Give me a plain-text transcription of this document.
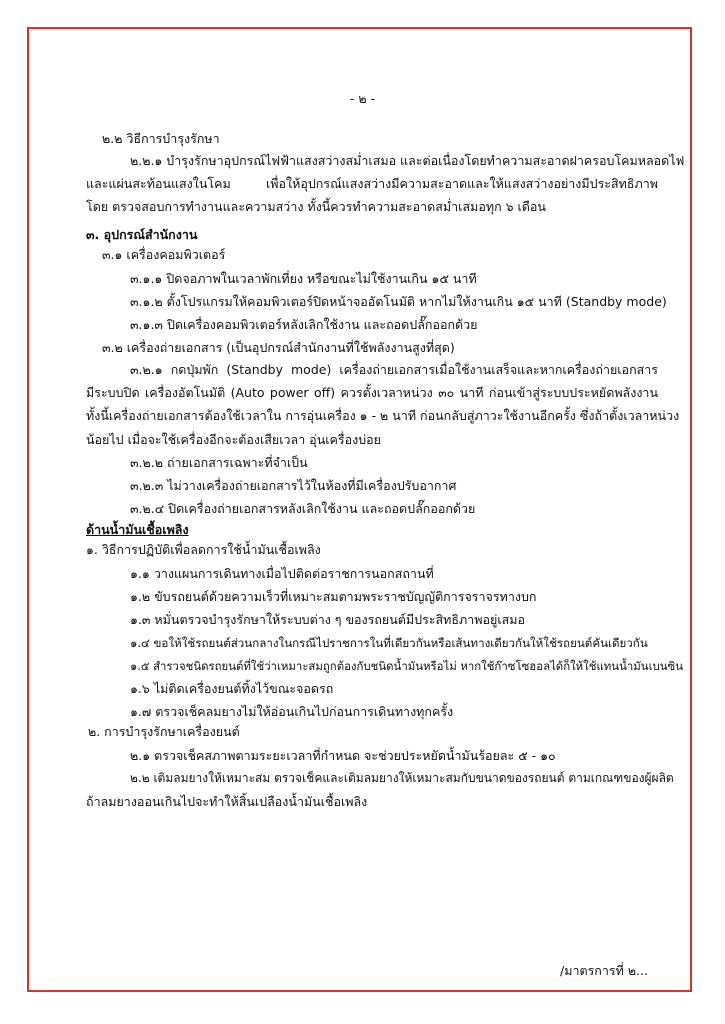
- ๒ -
๒.๒ วิธีการบำรุงรักษา
๒.๒.๑ บำรุงรักษาอุปกรณ์ไฟฟ้าแสงสว่างสม่ำเสมอ และต่อเนื่องโดยทำความสะอาดฝาครอบโคมหลอดไฟ
และแผ่นสะท้อนแสงในโคม เพื่อให้อุปกรณ์แสงสว่างมีความสะอาดและให้แสงสว่างอย่างมีประสิทธิภาพ
โดย ตรวจสอบการทำงานและความสว่าง ทั้งนี้ควรทำความสะอาดสม่ำเสมอทุก ๖ เดือน
๓. อุปกรณ์สำนักงาน
๓.๑ เครื่องคอมพิวเตอร์
๓.๑.๑ ปิดจอภาพในเวลาพักเที่ยง หรือขณะไม่ใช้งานเกิน ๑๕ นาที
๓.๑.๒ ตั้งโปรแกรมให้คอมพิวเตอร์ปิดหน้าจออัตโนมัติ หากไม่ให้งานเกิน ๑๕ นาที (Standby mode)
๓.๑.๓ ปิดเครื่องคอมพิวเตอร์หลังเลิกใช้งาน และถอดปลั๊กออกด้วย
๓.๒ เครื่องถ่ายเอกสาร (เป็นอุปกรณ์สำนักงานที่ใช้พลังงานสูงที่สุด)
๓.๒.๑ กดปุ่มพัก (Standby mode) เครื่องถ่ายเอกสารเมื่อใช้งานเสร็จและหากเครื่องถ่ายเอกสาร
มีระบบปิด เครื่องอัตโนมัติ (Auto power off) ควรตั้งเวลาหน่วง ๓๐ นาที ก่อนเข้าสู่ระบบประหยัดพลังงาน
ทั้งนี้เครื่องถ่ายเอกสารต้องใช้เวลาใน การอุ่นเครื่อง ๑ - ๒ นาที ก่อนกลับสู่ภาวะใช้งานอีกครั้ง ซึ่งถ้าตั้งเวลาหน่วง
น้อยไป เมื่อจะใช้เครื่องอีกจะต้องเสียเวลา อุ่นเครื่องบ่อย
๓.๒.๒ ถ่ายเอกสารเฉพาะที่จำเป็น
๓.๒.๓ ไม่วางเครื่องถ่ายเอกสารไว้ในห้องที่มีเครื่องปรับอากาศ
๓.๒.๔ ปิดเครื่องถ่ายเอกสารหลังเลิกใช้งาน และถอดปลั๊กออกด้วย
ด้านน้ำมันเชื้อเพลิง
๑. วิธีการปฏิบัติเพื่อลดการใช้น้ำมันเชื้อเพลิง
๑.๑ วางแผนการเดินทางเมื่อไปติดต่อราชการนอกสถานที่
๑.๒ ขับรถยนต์ด้วยความเร็วที่เหมาะสมตามพระราชบัญญัติการจราจรทางบก
๑.๓ หมั่นตรวจบำรุงรักษาให้ระบบต่าง ๆ ของรถยนต์มีประสิทธิภาพอยู่เสมอ
๑.๔ ขอให้ใช้รถยนต์ส่วนกลางในกรณีไปราชการในที่เดียวกันหรือเส้นทางเดียวกันให้ใช้รถยนต์คันเดียวกัน
๑.๕ สำรวจชนิดรถยนต์ที่ใช้ว่าเหมาะสมถูกต้องกับชนิดน้ำมันหรือไม่ หากใช้ก๊าซโซฮอลได้ก็ให้ใช้แทนน้ำมันเบนซิน
๑.๖ ไม่ติดเครื่องยนต์ทิ้งไว้ขณะจอดรถ
๑.๗ ตรวจเช็คลมยางไม่ให้อ่อนเกินไปก่อนการเดินทางทุกครั้ง
๒. การบำรุงรักษาเครื่องยนต์
๒.๑ ตรวจเช็คสภาพตามระยะเวลาที่กำหนด จะช่วยประหยัดน้ำมันร้อยละ ๕ - ๑๐
๒.๒ เติมลมยางให้เหมาะสม ตรวจเช็คและเติมลมยางให้เหมาะสมกับขนาดของรถยนต์ ตามเกณฑของผู้ผลิต
ถ้าลมยางออนเกินไปจะทำให้สิ้นเปลืองน้ำมันเชื้อเพลิง
/มาตรการที่ ๒...
